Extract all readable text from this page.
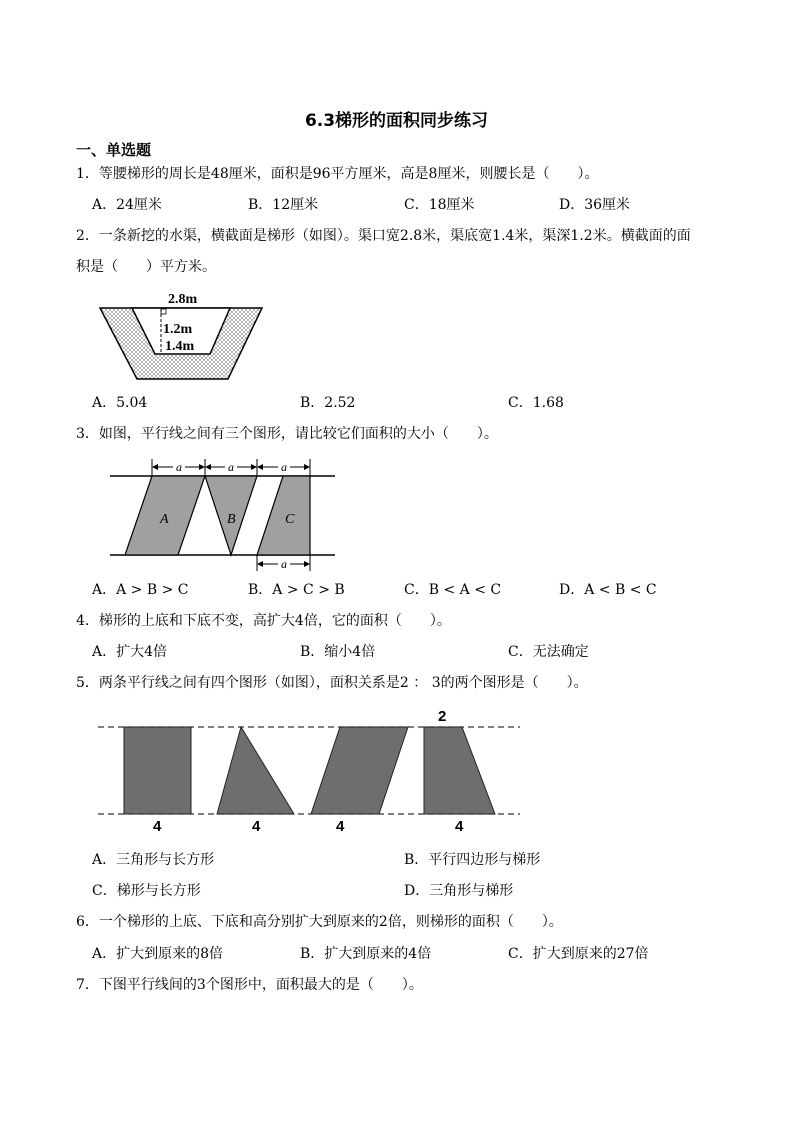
6.3梯形的面积同步练习
一、单选题
1．等腰梯形的周长是48厘米，面积是96平方厘米，高是8厘米，则腰长是（　　）。
A．24厘米	B．12厘米	C．18厘米	D．36厘米
2．一条新挖的水渠，横截面是梯形（如图）。渠口宽2.8米，渠底宽1.4米，渠深1.2米。横截面的面
积是（　　）平方米。
2.8m
1.2m
1.4m
A．5.04	B．2.52	C．1.68
3．如图，平行线之间有三个图形，请比较它们面积的大小（　　）。
a	a	a
a
A	B	C
A．A > B > C	B．A > C > B	C．B < A < C	D．A < B < C
4．梯形的上底和下底不变，高扩大4倍，它的面积（　　）。
A．扩大4倍	B．缩小4倍	C．无法确定
5．两条平行线之间有四个图形（如图），面积关系是2 ： 3的两个图形是（　　）。
2
4	4	4	4
A．三角形与长方形	B．平行四边形与梯形
C．梯形与长方形	D．三角形与梯形
6．一个梯形的上底、下底和高分别扩大到原来的2倍，则梯形的面积（　　）。
A．扩大到原来的8倍	B．扩大到原来的4倍	C．扩大到原来的27倍
7．下图平行线间的3个图形中，面积最大的是（　　）。
